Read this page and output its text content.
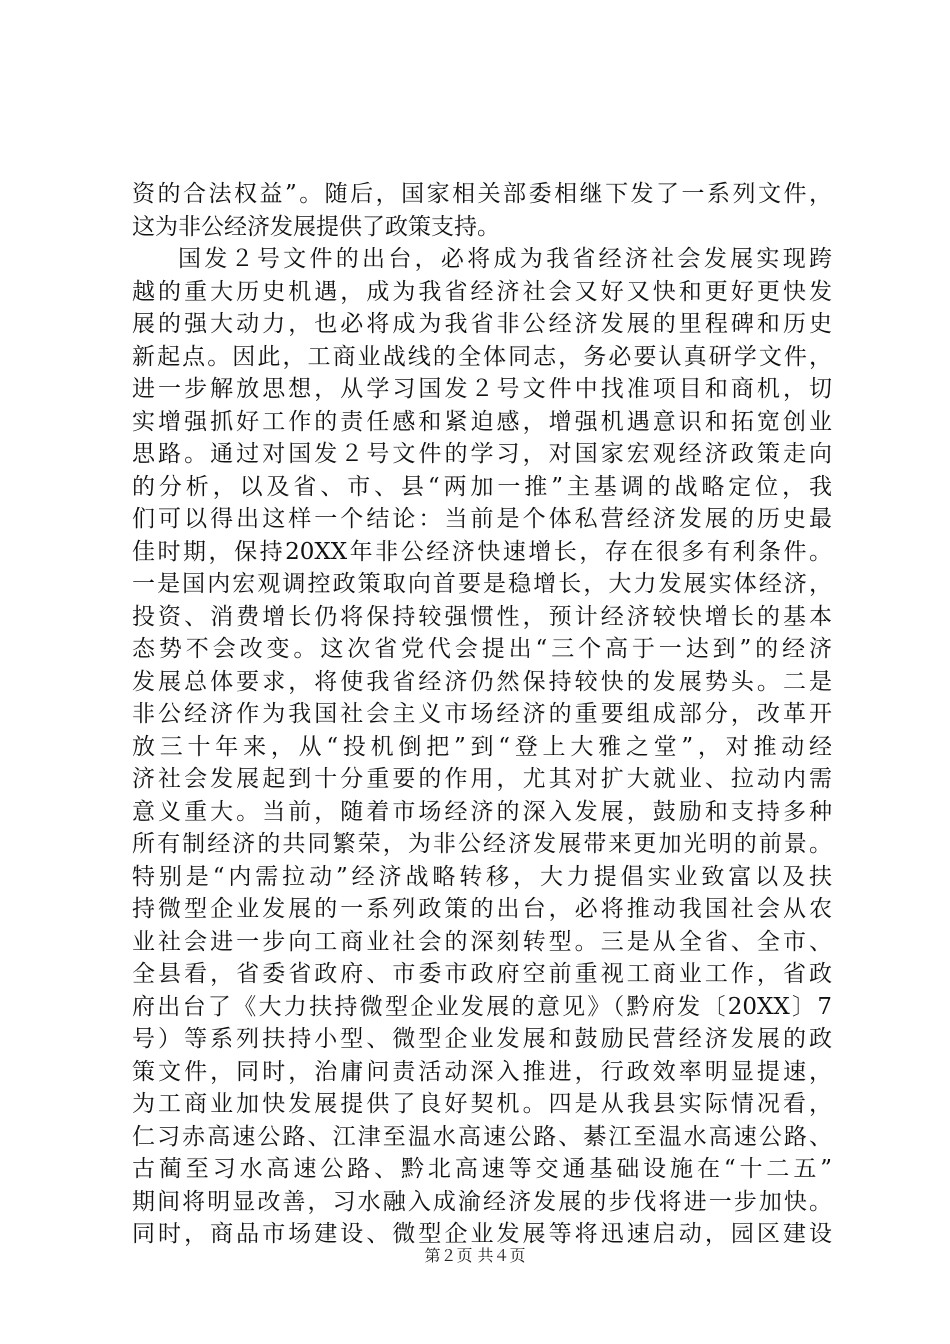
资的合法权益”。随后，国家相关部委相继下发了一系列文件，
这为非公经济发展提供了政策支持。
国发２号文件的出台，必将成为我省经济社会发展实现跨
越的重大历史机遇，成为我省经济社会又好又快和更好更快发
展的强大动力，也必将成为我省非公经济发展的里程碑和历史
新起点。因此，工商业战线的全体同志，务必要认真研学文件，
进一步解放思想，从学习国发２号文件中找准项目和商机，切
实增强抓好工作的责任感和紧迫感，增强机遇意识和拓宽创业
思路。通过对国发２号文件的学习，对国家宏观经济政策走向
的分析，以及省、市、县“两加一推”主基调的战略定位，我
们可以得出这样一个结论：当前是个体私营经济发展的历史最
佳时期，保持20XX年非公经济快速增长，存在很多有利条件。
一是国内宏观调控政策取向首要是稳增长，大力发展实体经济，
投资、消费增长仍将保持较强惯性，预计经济较快增长的基本
态势不会改变。这次省党代会提出“三个高于一达到”的经济
发展总体要求，将使我省经济仍然保持较快的发展势头。二是
非公经济作为我国社会主义市场经济的重要组成部分，改革开
放三十年来，从“投机倒把”到“登上大雅之堂”，对推动经
济社会发展起到十分重要的作用，尤其对扩大就业、拉动内需
意义重大。当前，随着市场经济的深入发展，鼓励和支持多种
所有制经济的共同繁荣，为非公经济发展带来更加光明的前景。
特别是“内需拉动”经济战略转移，大力提倡实业致富以及扶
持微型企业发展的一系列政策的出台，必将推动我国社会从农
业社会进一步向工商业社会的深刻转型。三是从全省、全市、
全县看，省委省政府、市委市政府空前重视工商业工作，省政
府出台了《大力扶持微型企业发展的意见》（黔府发〔20XX〕7
号）等系列扶持小型、微型企业发展和鼓励民营经济发展的政
策文件，同时，治庸问责活动深入推进，行政效率明显提速，
为工商业加快发展提供了良好契机。四是从我县实际情况看，
仁习赤高速公路、江津至温水高速公路、綦江至温水高速公路、
古蔺至习水高速公路、黔北高速等交通基础设施在“十二五”
期间将明显改善，习水融入成渝经济发展的步伐将进一步加快。
同时，商品市场建设、微型企业发展等将迅速启动，园区建设
第２页 共４页
